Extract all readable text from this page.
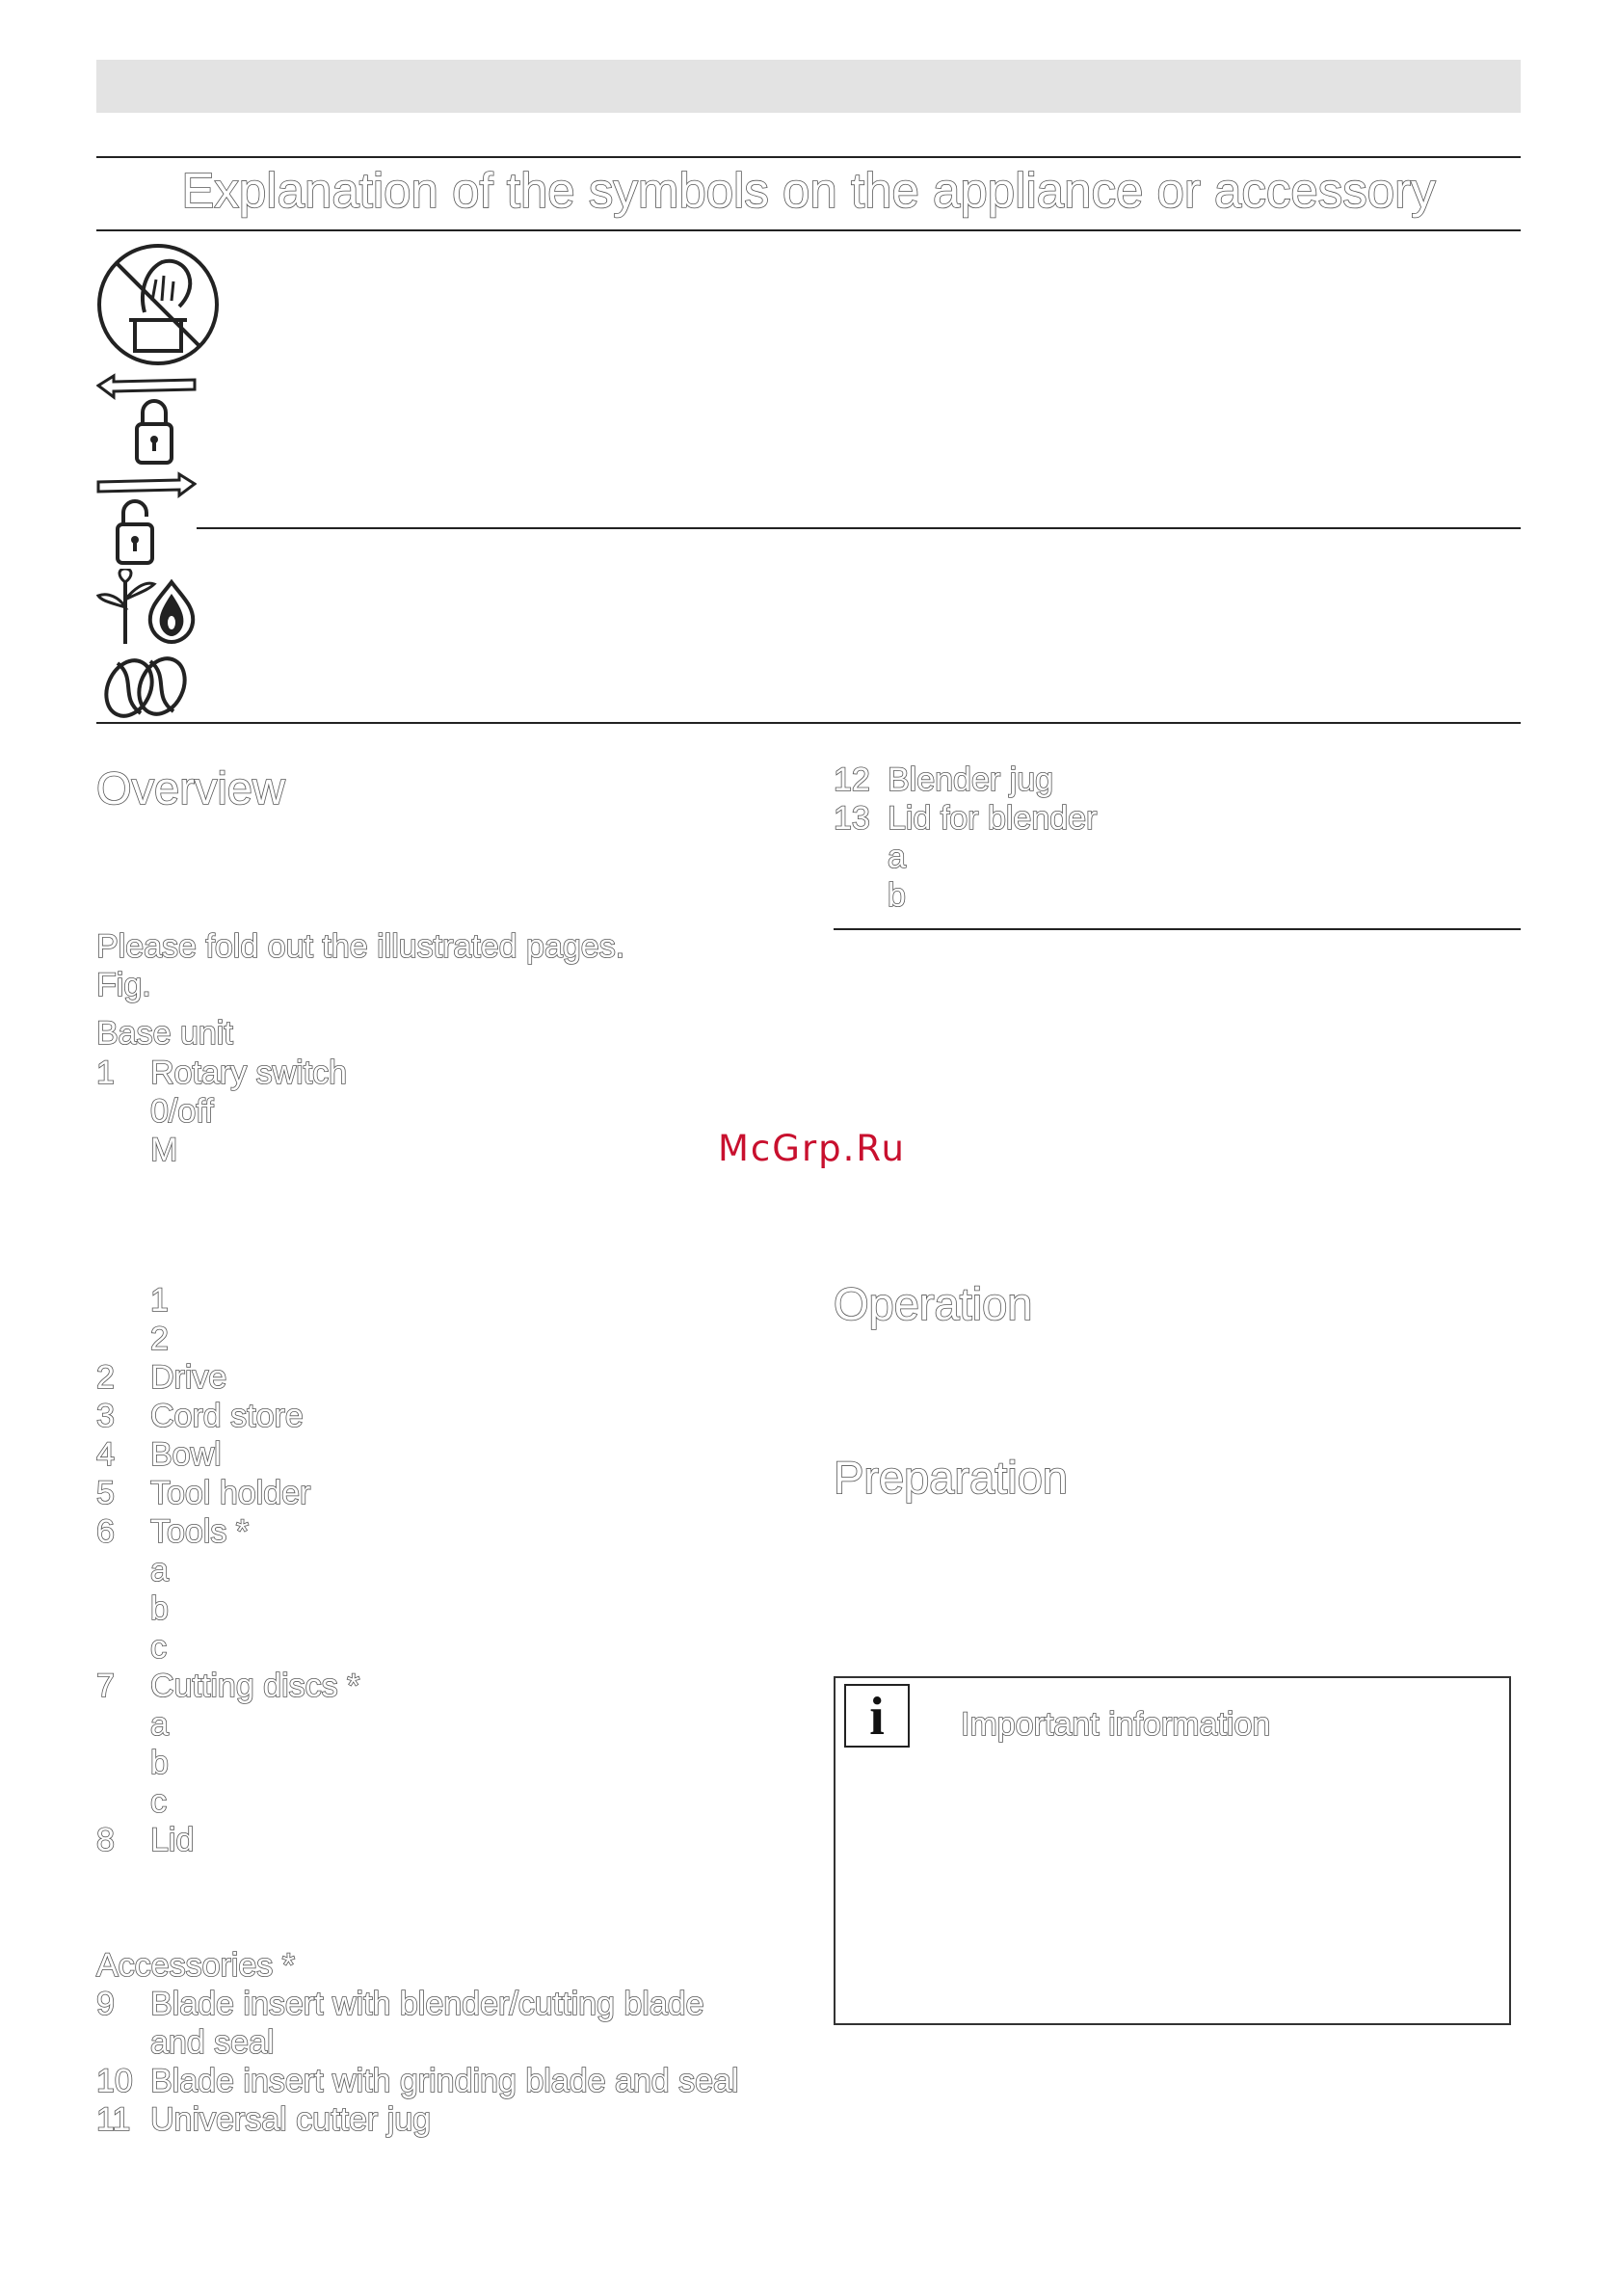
Explanation of the symbols on the appliance or accessory
Overview
Please fold out the illustrated pages.
Fig.
Base unit
1 Rotary switch
0/off
M
1
2
2 Drive
3 Cord store
4 Bowl
5 Tool holder
6 Tools *
a
b
c
7 Cutting discs *
a
b
c
8 Lid
Accessories *
9 Blade insert with blender/cutting blade
and seal
10 Blade insert with grinding blade and seal
11 Universal cutter jug
12 Blender jug
13 Lid for blender
a
b
McGrp.Ru
Operation
Preparation
i	Important information
